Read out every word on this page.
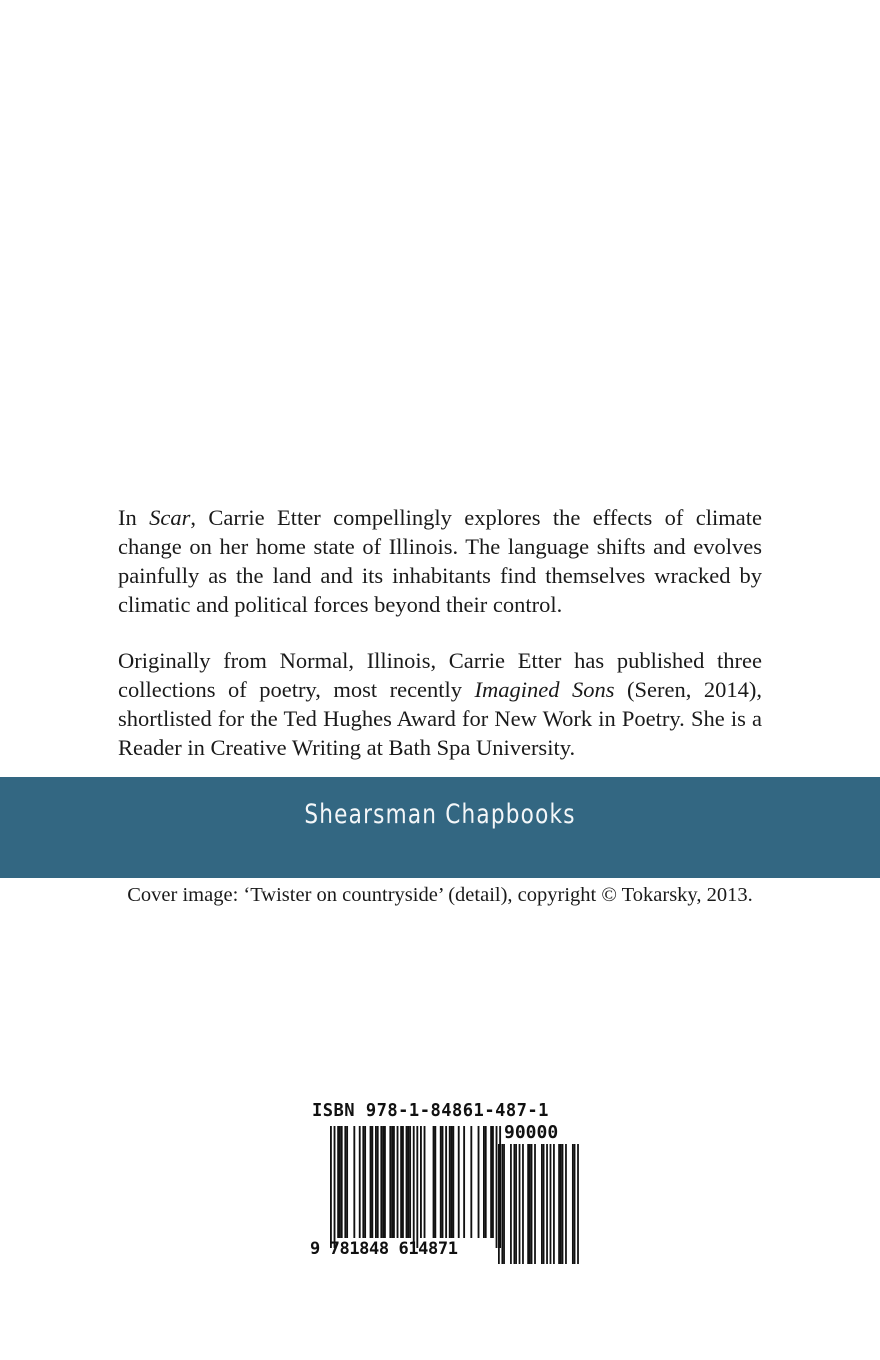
In Scar, Carrie Etter compellingly explores the effects of climate change on her home state of Illinois. The language shifts and evolves painfully as the land and its inhabitants find themselves wracked by climatic and political forces beyond their control.

Originally from Normal, Illinois, Carrie Etter has published three collections of poetry, most recently Imagined Sons (Seren, 2014), shortlisted for the Ted Hughes Award for New Work in Poetry. She is a Reader in Creative Writing at Bath Spa University.

Shearsman Chapbooks
Cover image: ‘Twister on countryside’ (detail), copyright © Tokarsky, 2013.
ISBN 978-1-84861-487-1
90000
9 781848 614871
